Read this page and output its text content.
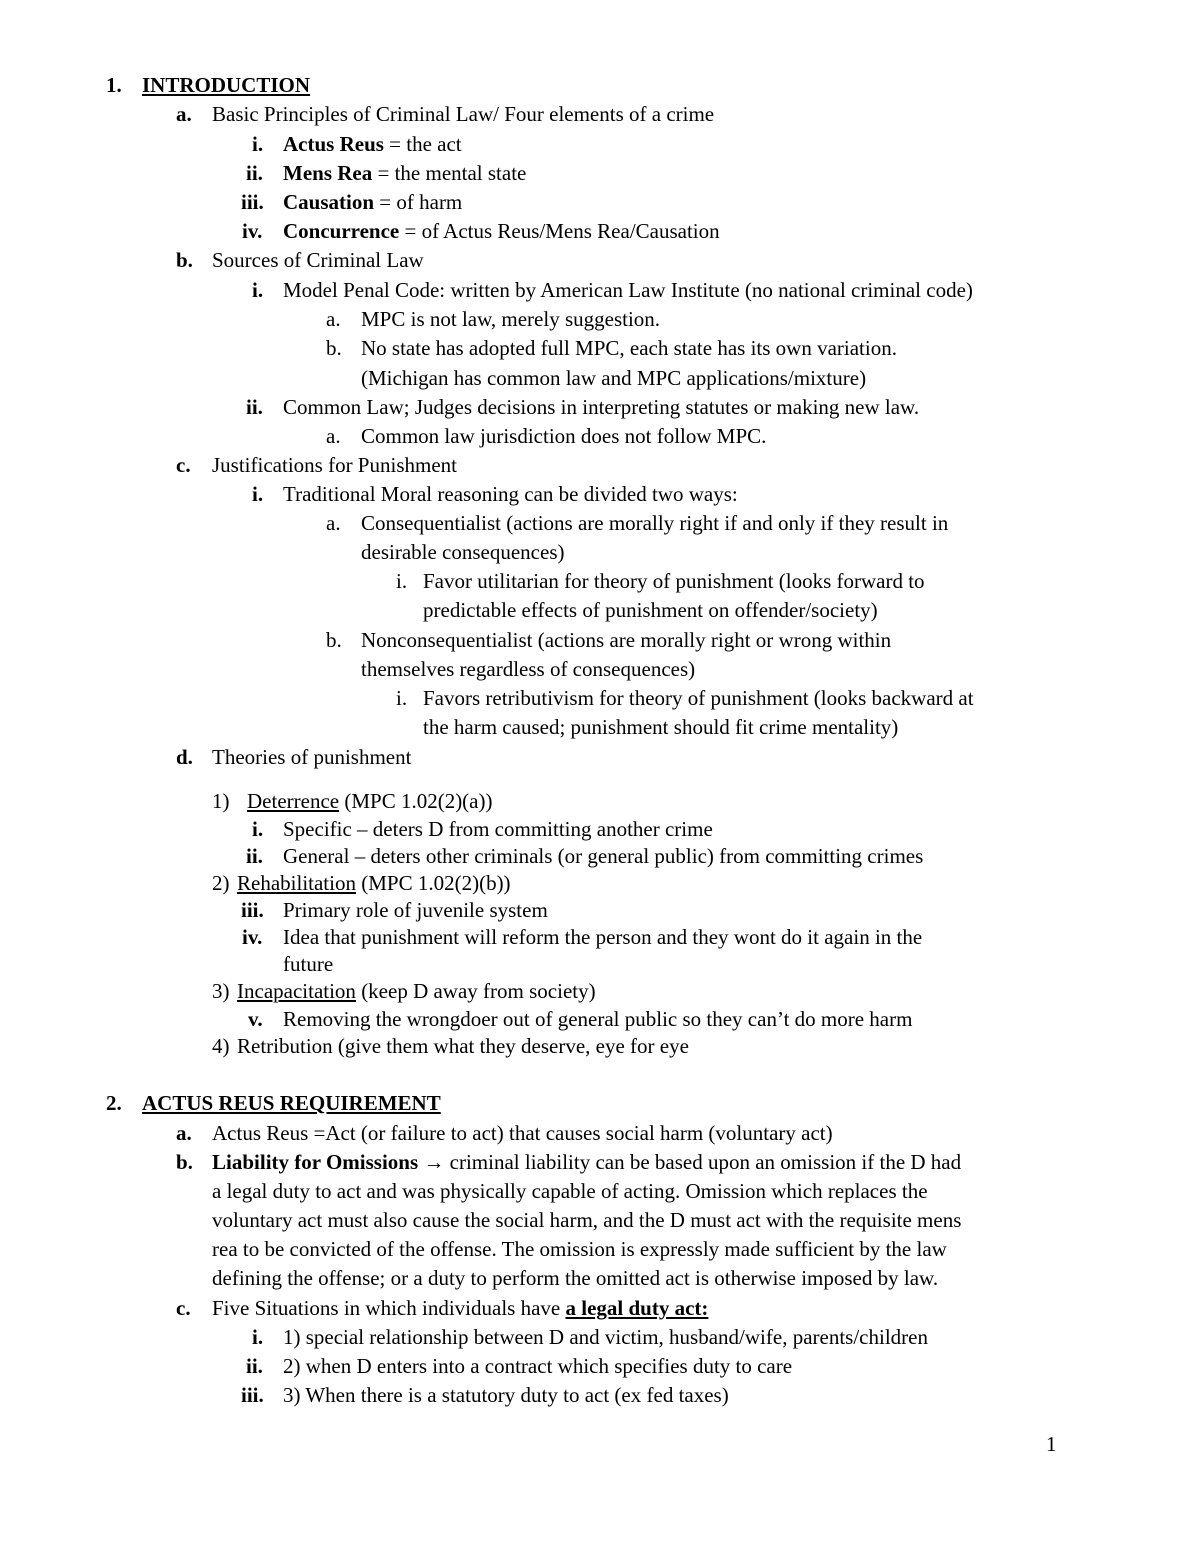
1. INTRODUCTION
a. Basic Principles of Criminal Law/ Four elements of a crime
i. Actus Reus = the act
ii. Mens Rea = the mental state
iii. Causation = of harm
iv. Concurrence = of Actus Reus/Mens Rea/Causation
b. Sources of Criminal Law
i. Model Penal Code: written by American Law Institute (no national criminal code)
a. MPC is not law, merely suggestion.
b. No state has adopted full MPC, each state has its own variation.
(Michigan has common law and MPC applications/mixture)
ii. Common Law; Judges decisions in interpreting statutes or making new law.
a. Common law jurisdiction does not follow MPC.
c. Justifications for Punishment
i. Traditional Moral reasoning can be divided two ways:
a. Consequentialist (actions are morally right if and only if they result in
desirable consequences)
i. Favor utilitarian for theory of punishment (looks forward to
predictable effects of punishment on offender/society)
b. Nonconsequentialist (actions are morally right or wrong within
themselves regardless of consequences)
i. Favors retributivism for theory of punishment (looks backward at
the harm caused; punishment should fit crime mentality)
d. Theories of punishment
1) Deterrence (MPC 1.02(2)(a))
i. Specific – deters D from committing another crime
ii. General – deters other criminals (or general public) from committing crimes
2) Rehabilitation (MPC 1.02(2)(b))
iii. Primary role of juvenile system
iv. Idea that punishment will reform the person and they wont do it again in the
future
3) Incapacitation (keep D away from society)
v. Removing the wrongdoer out of general public so they can’t do more harm
4) Retribution (give them what they deserve, eye for eye
2. ACTUS REUS REQUIREMENT
a. Actus Reus =Act (or failure to act) that causes social harm (voluntary act)
b. Liability for Omissions → criminal liability can be based upon an omission if the D had
a legal duty to act and was physically capable of acting. Omission which replaces the
voluntary act must also cause the social harm, and the D must act with the requisite mens
rea to be convicted of the offense. The omission is expressly made sufficient by the law
defining the offense; or a duty to perform the omitted act is otherwise imposed by law.
c. Five Situations in which individuals have a legal duty act:
i. 1) special relationship between D and victim, husband/wife, parents/children
ii. 2) when D enters into a contract which specifies duty to care
iii. 3) When there is a statutory duty to act (ex fed taxes)
1
